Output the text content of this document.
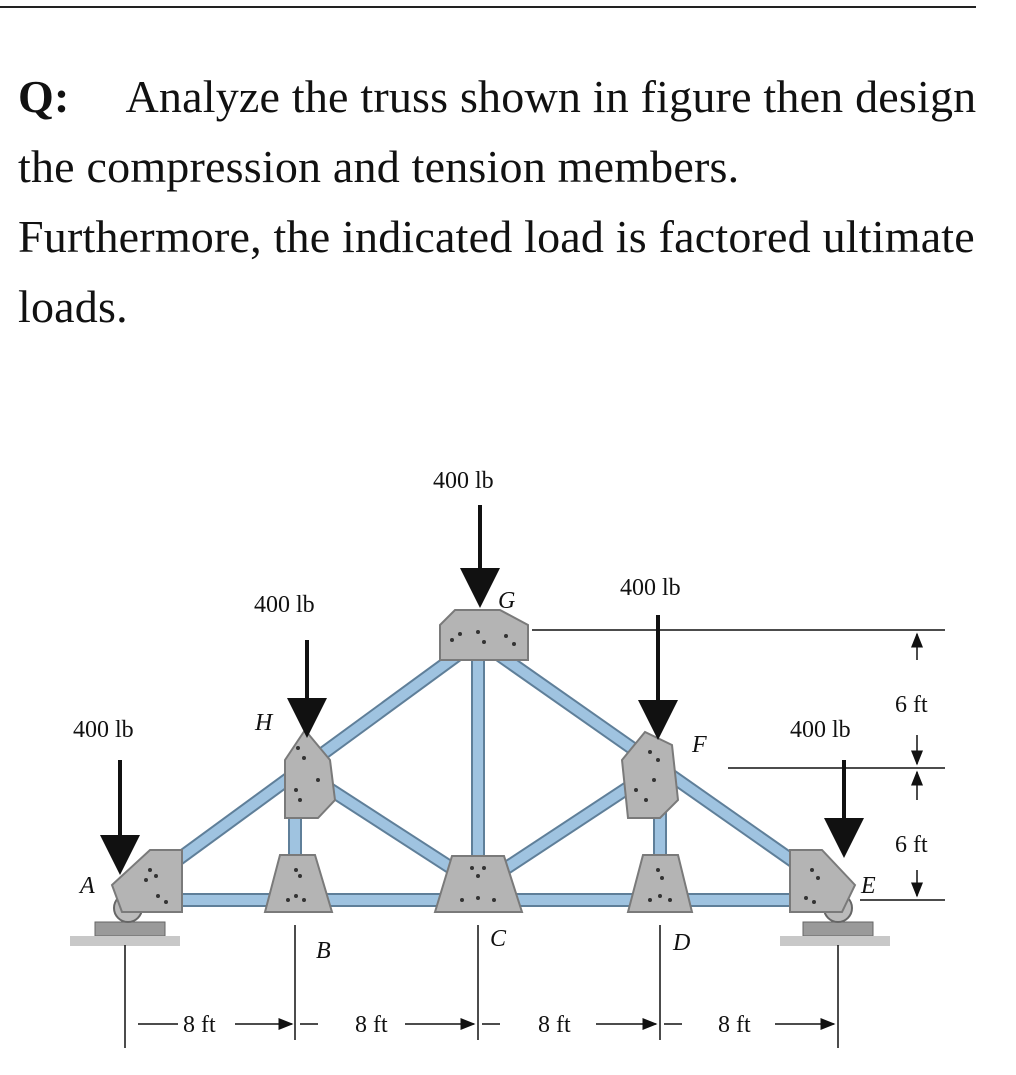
Q: Analyze the truss shown in figure then design the compression and tension members. Furthermore, the indicated load is factored ultimate loads.
400 lb
400 lb
400 lb
400 lb	400 lb
A
B	C	D
E
F
G
H
8 ft	8 ft	8 ft	8 ft
6 ft
6 ft
